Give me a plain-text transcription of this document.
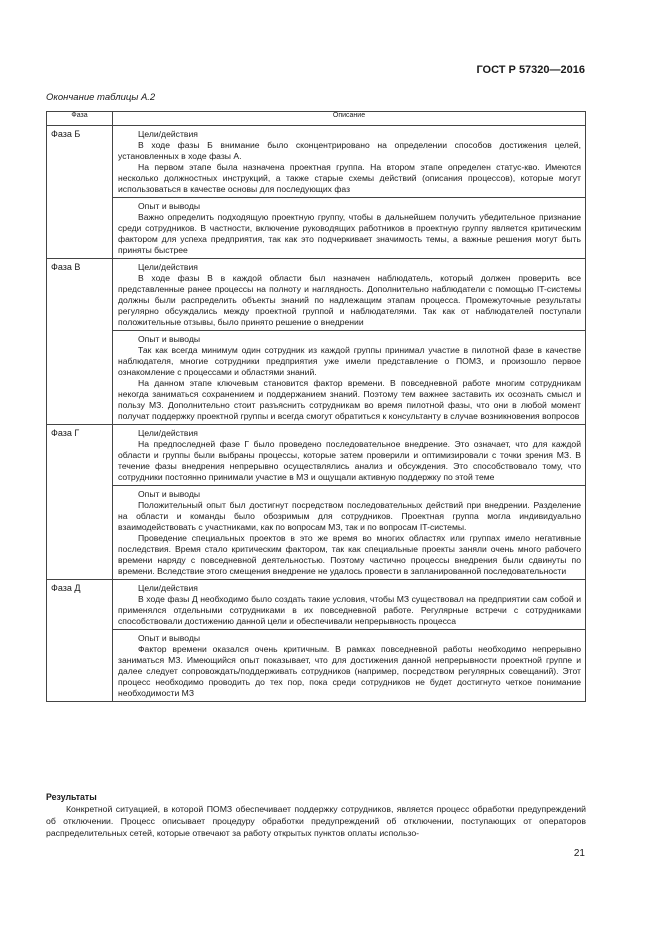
ГОСТ Р 57320—2016
Окончание таблицы А.2
Фаза	Описание
Фаза Б	Цели/действия

В ходе фазы Б внимание было сконцентрировано на определении способов достижения целей, установленных в ходе фазы А.

На первом этапе была назначена проектная группа. На втором этапе определен статус-кво. Имеются несколько должностных инструкций, а также старые схемы действий (описания процессов), которые могут использоваться в качестве основы для последующих фаз

	Опыт и выводы

Важно определить подходящую проектную группу, чтобы в дальнейшем получить убедительное признание среди сотрудников. В частности, включение руководящих работников в проектную группу является критическим фактором для успеха предприятия, так как это подчеркивает значимость темы, а важные решения могут быть приняты быстрее

Фаза В	Цели/действия

В ходе фазы В в каждой области был назначен наблюдатель, который должен проверить все представленные ранее процессы на полноту и наглядность. Дополнительно наблюдатели с помощью IT-системы должны были распределить объекты знаний по надлежащим этапам процесса. Промежуточные результаты регулярно обсуждались между проектной группой и наблюдателями. Так как от наблюдателей поступали положительные отзывы, было принято решение о внедрении

	Опыт и выводы

Так как всегда минимум один сотрудник из каждой группы принимал участие в пилотной фазе в качестве наблюдателя, многие сотрудники предприятия уже имели представление о ПОМЗ, и произошло первое ознакомление с процессами и областями знаний.

На данном этапе ключевым становится фактор времени. В повседневной работе многим сотрудникам некогда заниматься сохранением и поддержанием знаний. Поэтому тем важнее заставить их осознать смысл и пользу МЗ. Дополнительно стоит разъяснить сотрудникам во время пилотной фазы, что они в любой момент получат поддержку проектной группы и всегда смогут обратиться к консультанту в случае возникновения вопросов

Фаза Г	Цели/действия

На предпоследней фазе Г было проведено последовательное внедрение. Это означает, что для каждой области и группы были выбраны процессы, которые затем проверили и оптимизировали с точки зрения МЗ. В течение фазы внедрения непрерывно осуществлялись анализ и обсуждения. Это способствовало тому, что сотрудники постоянно принимали участие в МЗ и ощущали активную поддержку по этой теме

	Опыт и выводы

Положительный опыт был достигнут посредством последовательных действий при внедрении. Разделение на области и команды было обозримым для сотрудников. Проектная группа могла индивидуально взаимодействовать с участниками, как по вопросам МЗ, так и по вопросам IT-системы.

Проведение специальных проектов в это же время во многих областях или группах имело негативные последствия. Время стало критическим фактором, так как специальные проекты заняли очень много рабочего времени наряду с повседневной деятельностью. Поэтому частично процессы внедрения были сдвинуты по времени. Вследствие этого смещения внедрение не удалось провести в запланированной последовательности

Фаза Д	Цели/действия

В ходе фазы Д необходимо было создать такие условия, чтобы МЗ существовал на предприятии сам собой и применялся отдельными сотрудниками в их повседневной работе. Регулярные встречи с сотрудниками способствовали достижению данной цели и обеспечивали непрерывность процесса

	Опыт и выводы

Фактор времени оказался очень критичным. В рамках повседневной работы необходимо непрерывно заниматься МЗ. Имеющийся опыт показывает, что для достижения данной непрерывности проектной группе и далее следует сопровождать/поддерживать сотрудников (например, посредством регулярных совещаний). Этот процесс необходимо проводить до тех пор, пока среди сотрудников не будет достигнуто четкое понимание необходимости МЗ

Результаты

Конкретной ситуацией, в которой ПОМЗ обеспечивает поддержку сотрудников, является процесс обработки предупреждений об отключении. Процесс описывает процедуру обработки предупреждений об отключении, поступающих от операторов распределительных сетей, которые отвечают за работу открытых пунктов оплаты использо-

21
